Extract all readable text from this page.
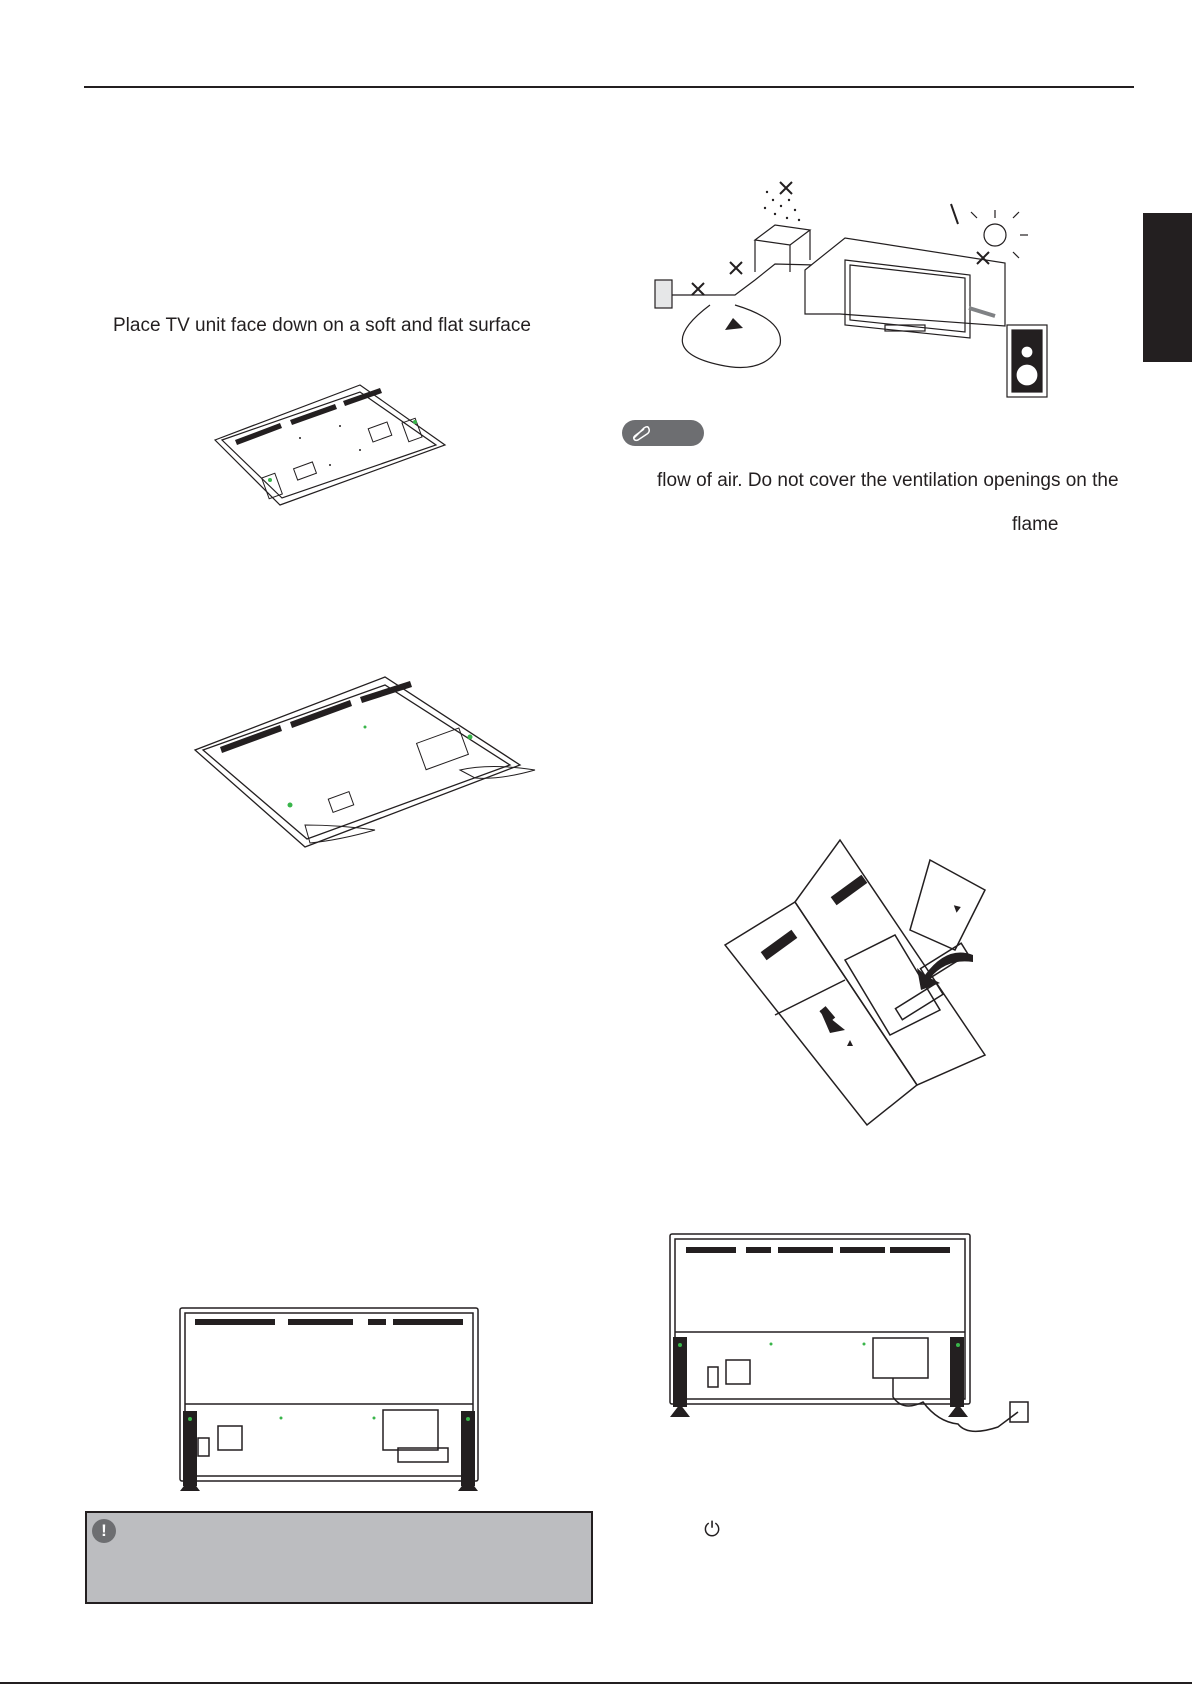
Place TV unit face down on a soft and flat surface
!
flow of air. Do not cover the ventilation openings on the
flame
⏻
